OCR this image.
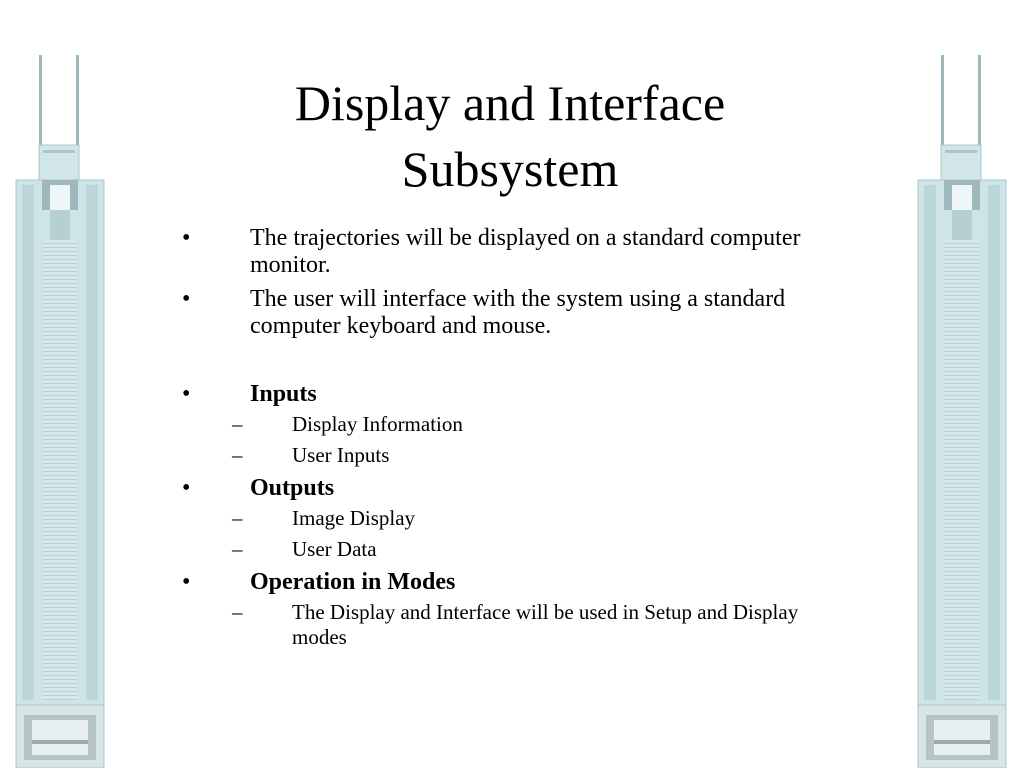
Display and Interface Subsystem
• The trajectories will be displayed on a standard computer monitor.
• The user will interface with the system using a standard computer keyboard and mouse.
• Inputs
– Display Information
– User Inputs
• Outputs
– Image Display
– User Data
• Operation in Modes
– The Display and Interface will be used in Setup and Display modes
